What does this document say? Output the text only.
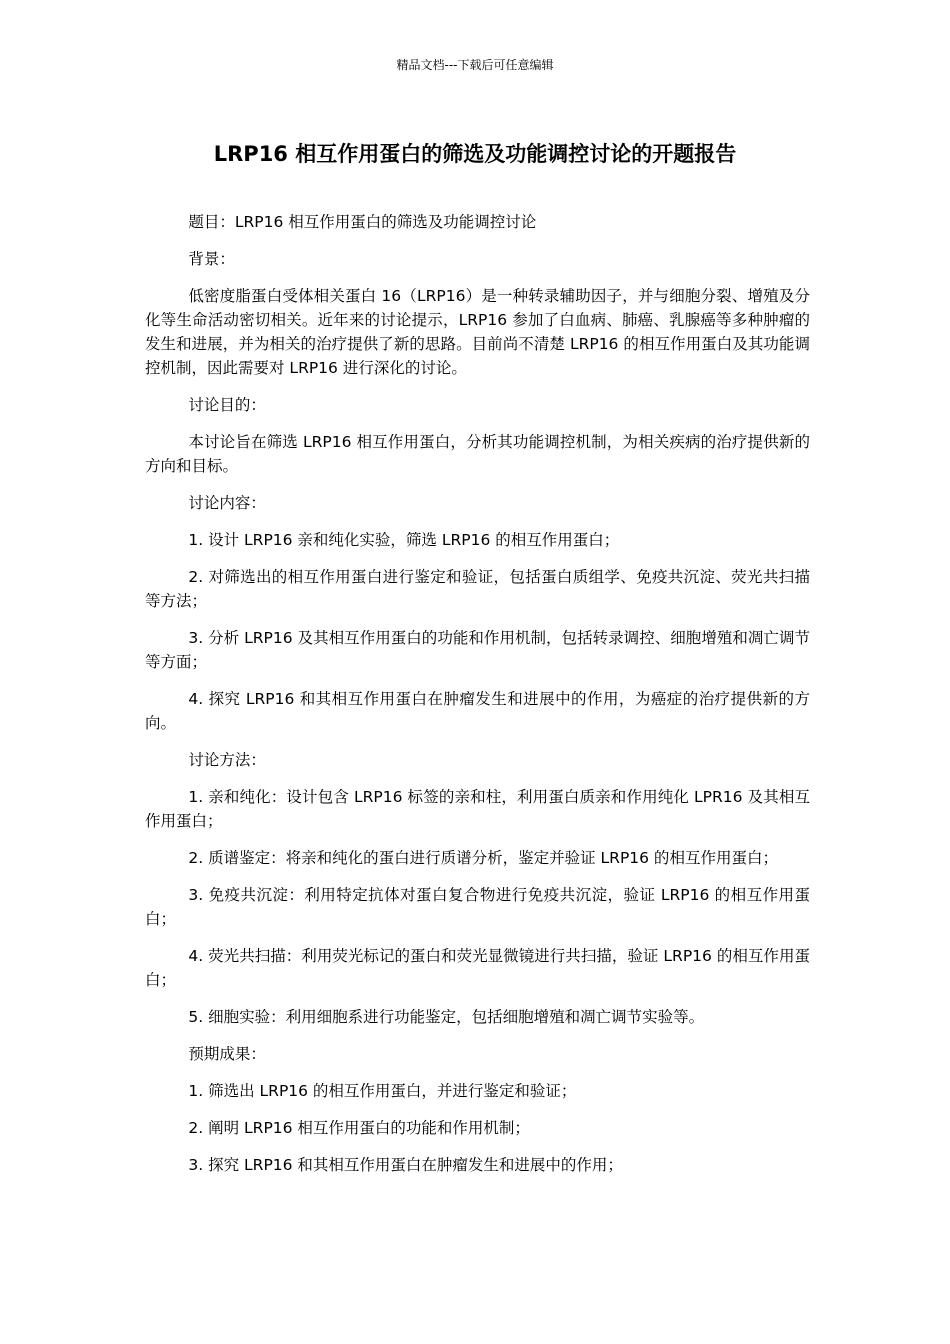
精品文档---下载后可任意编辑
LRP16 相互作用蛋白的筛选及功能调控讨论的开题报告

题目：LRP16 相互作用蛋白的筛选及功能调控讨论

背景：

低密度脂蛋白受体相关蛋白 16（LRP16）是一种转录辅助因子，并与细胞分裂、增殖及分化等生命活动密切相关。近年来的讨论提示，LRP16 参加了白血病、肺癌、乳腺癌等多种肿瘤的发生和进展，并为相关的治疗提供了新的思路。目前尚不清楚 LRP16 的相互作用蛋白及其功能调控机制，因此需要对 LRP16 进行深化的讨论。

讨论目的：

本讨论旨在筛选 LRP16 相互作用蛋白，分析其功能调控机制，为相关疾病的治疗提供新的方向和目标。

讨论内容：

1. 设计 LRP16 亲和纯化实验，筛选 LRP16 的相互作用蛋白；

2. 对筛选出的相互作用蛋白进行鉴定和验证，包括蛋白质组学、免疫共沉淀、荧光共扫描等方法；

3. 分析 LRP16 及其相互作用蛋白的功能和作用机制，包括转录调控、细胞增殖和凋亡调节等方面；

4. 探究 LRP16 和其相互作用蛋白在肿瘤发生和进展中的作用，为癌症的治疗提供新的方向。

讨论方法：

1. 亲和纯化：设计包含 LRP16 标签的亲和柱，利用蛋白质亲和作用纯化 LPR16 及其相互作用蛋白；

2. 质谱鉴定：将亲和纯化的蛋白进行质谱分析，鉴定并验证 LRP16 的相互作用蛋白；

3. 免疫共沉淀：利用特定抗体对蛋白复合物进行免疫共沉淀，验证 LRP16 的相互作用蛋白；

4. 荧光共扫描：利用荧光标记的蛋白和荧光显微镜进行共扫描，验证 LRP16 的相互作用蛋白；

5. 细胞实验：利用细胞系进行功能鉴定，包括细胞增殖和凋亡调节实验等。

预期成果：

1. 筛选出 LRP16 的相互作用蛋白，并进行鉴定和验证；

2. 阐明 LRP16 相互作用蛋白的功能和作用机制；

3. 探究 LRP16 和其相互作用蛋白在肿瘤发生和进展中的作用；
